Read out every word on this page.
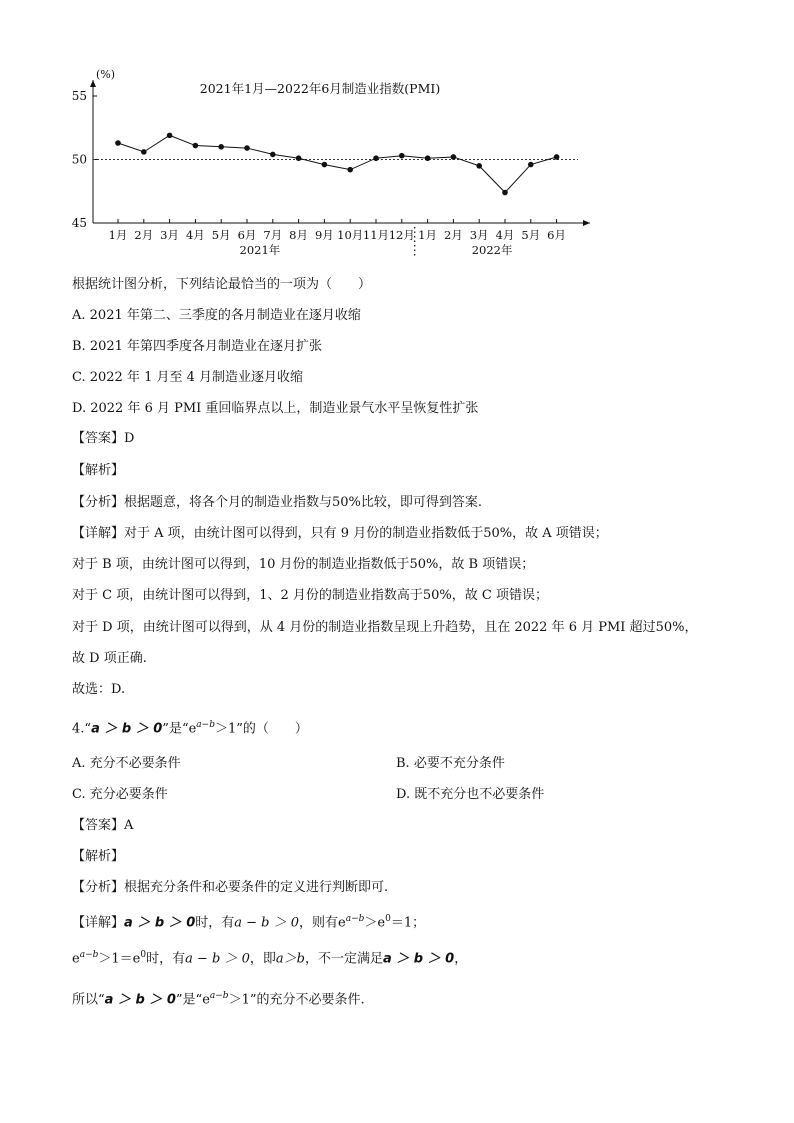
45
50
55
(%)
2021年1月—2022年6月制造业指数(PMI)
1月 2月 3月 4月 5月 6月 7月 8月 9月 10月 11月 12月 1月 2月 3月 4月 5月 6月
2021年	2022年
根据统计图分析，下列结论最恰当的一项为（　　）
A. 2021 年第二、三季度的各月制造业在逐月收缩
B. 2021 年第四季度各月制造业在逐月扩张
C. 2022 年 1 月至 4 月制造业逐月收缩
D. 2022 年 6 月 PMI 重回临界点以上，制造业景气水平呈恢复性扩张
【答案】D
【解析】
【分析】根据题意，将各个月的制造业指数与50%比较，即可得到答案.
【详解】对于 A 项，由统计图可以得到，只有 9 月份的制造业指数低于50%，故 A 项错误；
对于 B 项，由统计图可以得到，10 月份的制造业指数低于50%，故 B 项错误；
对于 C 项，由统计图可以得到，1、2 月份的制造业指数高于50%，故 C 项错误；
对于 D 项，由统计图可以得到，从 4 月份的制造业指数呈现上升趋势，且在 2022 年 6 月 PMI 超过50%，
故 D 项正确.
故选：D.
4.“a ＞ b ＞ 0”是“$e^{a-b}>1$”的（　　）
A. 充分不必要条件	B. 必要不充分条件
C. 充分必要条件	D. 既不充分也不必要条件
【答案】A
【解析】
【分析】根据充分条件和必要条件的定义进行判断即可.
【详解】a ＞ b ＞ 0时，有a − b ＞ 0，则有$e^{a-b}>e^0=1$；
$e^{a-b}>1=e^0$时，有a − b ＞ 0，即a＞b，不一定满足a ＞ b ＞ 0，
所以“a ＞ b ＞ 0”是“$e^{a-b}>1$”的充分不必要条件.
